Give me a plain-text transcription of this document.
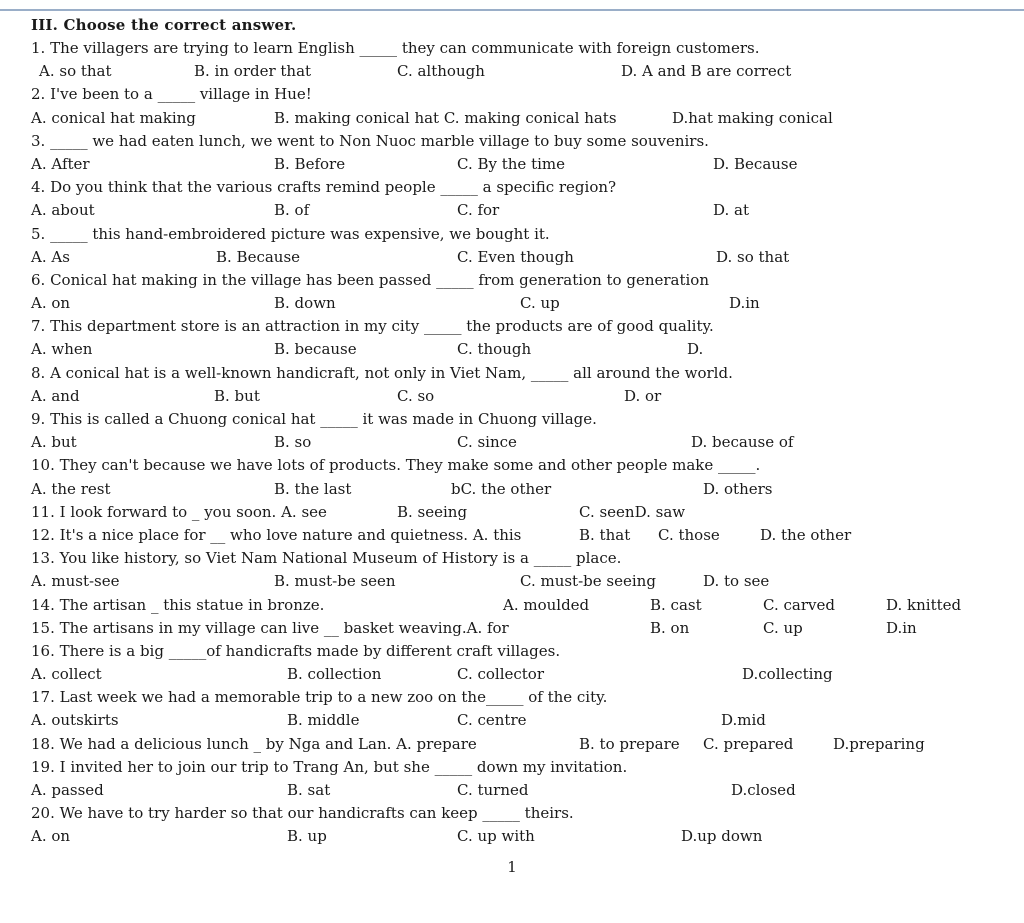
III. Choose the correct answer.
1. The villagers are trying to learn English _____ they can communicate with foreign customers.
A. so that	B. in order that	C. although	D. A and B are correct
2. I've been to a _____ village in Hue!
A. conical hat making	B. making conical hat C. making conical hats	D.hat making conical
3. _____ we had eaten lunch, we went to Non Nuoc marble village to buy some souvenirs.
A. After	B. Before	C. By the time	D. Because
4. Do you think that the various crafts remind people _____ a specific region?
A. about	B. of	C. for	D. at
5. _____ this hand-embroidered picture was expensive, we bought it.
A. As	B. Because	C. Even though	D. so that
6. Conical hat making in the village has been passed _____ from generation to generation
A. on	B. down	C. up	D.in
7. This department store is an attraction in my city _____ the products are of good quality.
A. when	B. because	C. though	D.
8. A conical hat is a well-known handicraft, not only in Viet Nam, _____ all around the world.
A. and	B. but	C. so	D. or
9. This is called a Chuong conical hat _____ it was made in Chuong village.
A. but	B. so	C. since	D. because of
10. They can't because we have lots of products. They make some and other people make _____.
A. the rest	B. the last	bC. the other	D. others
11. I look forward to _ you soon. A. see	B. seeing	C. seenD. saw
12. It's a nice place for __ who love nature and quietness. A. this	B. that C. those	D. the other
13. You like history, so Viet Nam National Museum of History is a _____ place.
A. must-see	B. must-be seen	C. must-be seeing	D. to see
14. The artisan _ this statue in bronze.	A. moulded	B. cast	C. carved	D. knitted
15. The artisans in my village can live __ basket weaving.A. for	B. on	C. up	D.in
16. There is a big _____of handicrafts made by different craft villages.
A. collect	B. collection	C. collector	D.collecting
17. Last week we had a memorable trip to a new zoo on the_____ of the city.
A. outskirts	B. middle	C. centre	D.mid
18. We had a delicious lunch _ by Nga and Lan. A. prepare	B. to prepare C. prepared	D.preparing
19. I invited her to join our trip to Trang An, but she _____ down my invitation.
A. passed	B. sat	C. turned	D.closed
20. We have to try harder so that our handicrafts can keep _____ theirs.
A. on	B. up	C. up with	D.up down
1
